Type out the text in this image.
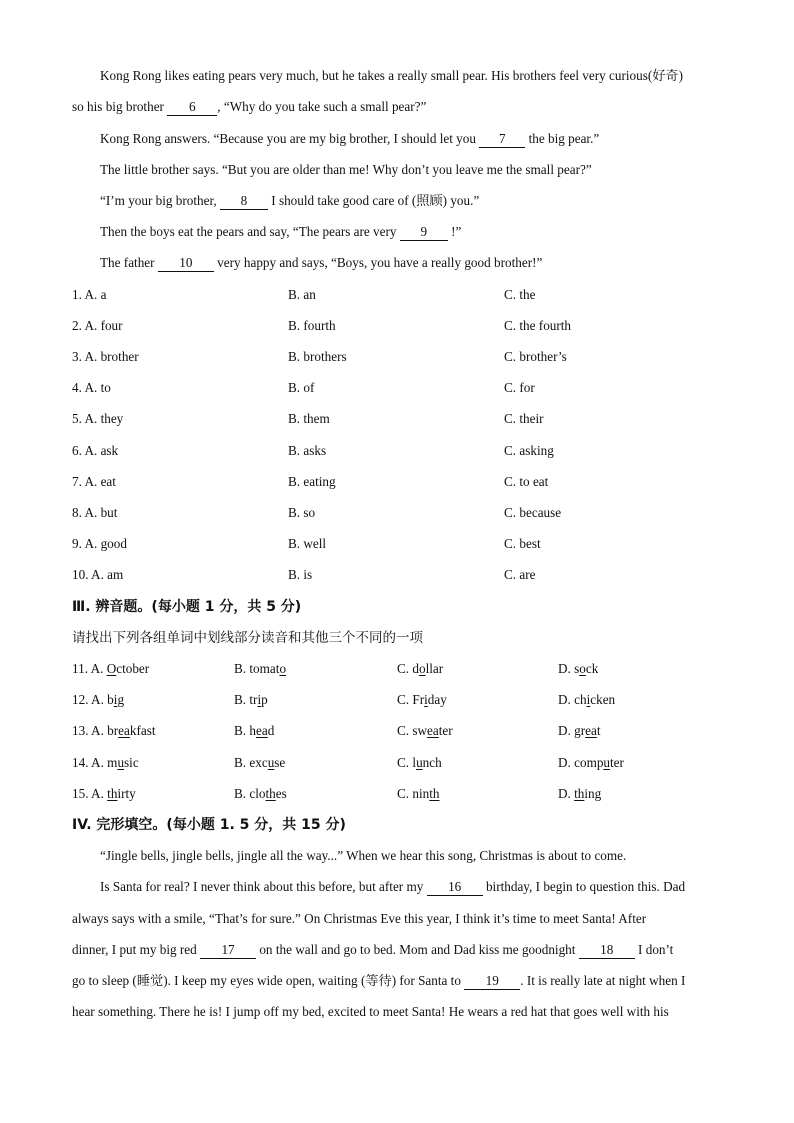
Kong Rong likes eating pears very much, but he takes a really small pear. His brothers feel very curious(好奇)
so his big brother 6 , “Why do you take such a small pear?”
Kong Rong answers. “Because you are my big brother, I should let you 7 the big pear.”
The little brother says. “But you are older than me! Why don’t you leave me the small pear?”
“I’m your big brother, 8 I should take good care of (照顾) you.”
Then the boys eat the pears and say, “The pears are very 9 !”
The father 10 very happy and says, “Boys, you have a really good brother!”
1. A. a	B. an	C. the
2. A. four	B. fourth	C. the fourth
3. A. brother	B. brothers	C. brother’s
4. A. to	B. of	C. for
5. A. they	B. them	C. their
6. A. ask	B. asks	C. asking
7. A. eat	B. eating	C. to eat
8. A. but	B. so	C. because
9. A. good	B. well	C. best
10. A. am	B. is	C. are
Ⅲ. 辨音题。(每小题 1 分，共 5 分)
请找出下列各组单词中划线部分读音和其他三个不同的一项
11. A. October	B. tomato	C. dollar	D. sock
12. A. big	B. trip	C. Friday	D. chicken
13. A. breakfast	B. head	C. sweater	D. great
14. A. music	B. excuse	C. lunch	D. computer
15. A. thirty	B. clothes	C. ninth	D. thing
IV. 完形填空。(每小题 1. 5 分，共 15 分)
“Jingle bells, jingle bells, jingle all the way...” When we hear this song, Christmas is about to come.
Is Santa for real? I never think about this before, but after my 16 birthday, I begin to question this. Dad
always says with a smile, “That’s for sure.” On Christmas Eve this year, I think it’s time to meet Santa! After
dinner, I put my big red 17 on the wall and go to bed. Mom and Dad kiss me goodnight 18 I don’t
go to sleep (睡觉). I keep my eyes wide open, waiting (等待) for Santa to 19 . It is really late at night when I
hear something. There he is! I jump off my bed, excited to meet Santa! He wears a red hat that goes well with his
